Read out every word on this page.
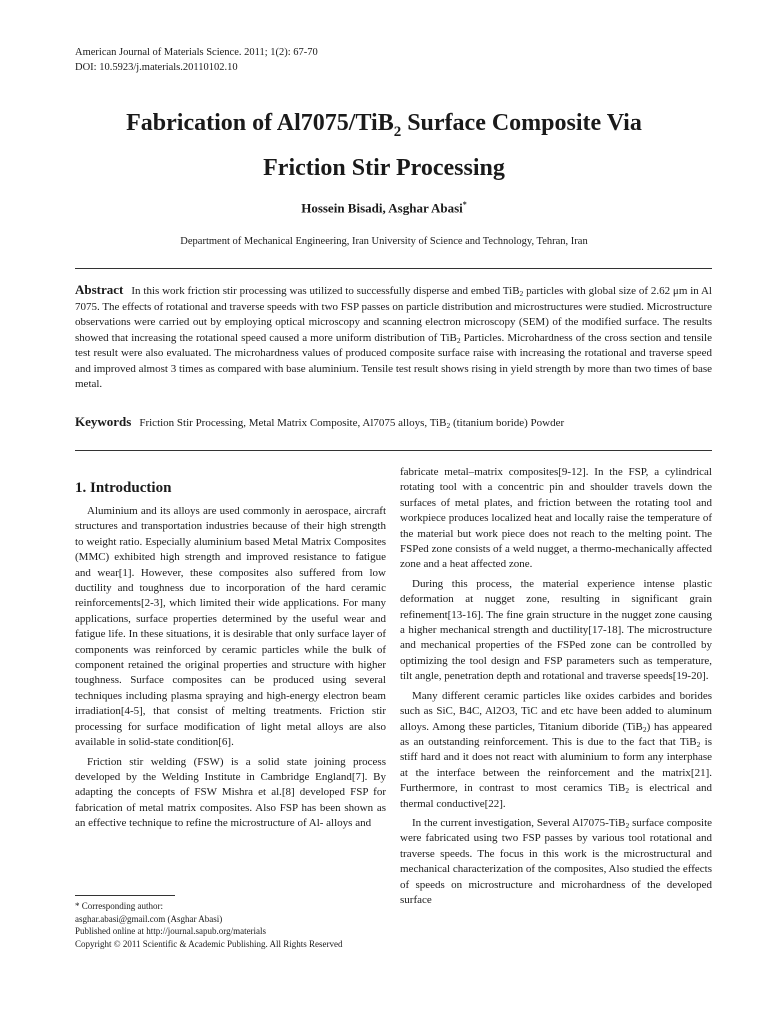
American Journal of Materials Science. 2011; 1(2): 67-70
DOI: 10.5923/j.materials.20110102.10
Fabrication of Al7075/TiB$_2$ Surface Composite Via
Friction Stir Processing
Hossein Bisadi, Asghar Abasi*
Department of Mechanical Engineering, Iran University of Science and Technology, Tehran, Iran
Abstract In this work friction stir processing was utilized to successfully disperse and embed TiB$_2$ particles with global size of 2.62 μm in Al 7075. The effects of rotational and traverse speeds with two FSP passes on particle distribution and microstructures were studied. Microstructure observations were carried out by employing optical microscopy and scanning electron microscopy (SEM) of the modified surface. The results showed that increasing the rotational speed caused a more uniform distribution of TiB$_2$ Particles. Microhardness of the cross section and tensile test result were also evaluated. The microhardness values of produced composite surface raise with increasing the rotational and traverse speed and improved almost 3 times as compared with base aluminium. Tensile test result shows rising in yield strength by more than two times of base metal.
Keywords Friction Stir Processing, Metal Matrix Composite, Al7075 alloys, TiB$_2$ (titanium boride) Powder
1. Introduction

Aluminium and its alloys are used commonly in aerospace, aircraft structures and transportation industries because of their high strength to weight ratio. Especially aluminium based Metal Matrix Composites (MMC) exhibited high strength and improved resistance to fatigue and wear[1]. However, these composites also suffered from low ductility and toughness due to incorporation of the hard ceramic reinforcements[2-3], which limited their wide applications. For many applications, surface properties determined by the useful wear and fatigue life. In these situations, it is desirable that only surface layer of components was reinforced by ceramic particles while the bulk of component retained the original properties and structure with higher toughness. Surface composites can be produced using several techniques including plasma spraying and high-energy electron beam irradiation[4-5], that consist of melting treatments. Friction stir processing for surface modification of light metal alloys are also available in solid-state condition[6].

Friction stir welding (FSW) is a solid state joining process developed by the Welding Institute in Cambridge England[7]. By adapting the concepts of FSW Mishra et al.[8] developed FSP for fabrication of metal matrix composites. Also FSP has been shown as an effective technique to refine the microstructure of Al- alloys and

fabricate metal–matrix composites[9-12]. In the FSP, a cylindrical rotating tool with a concentric pin and shoulder travels down the surfaces of metal plates, and friction between the rotating tool and workpiece produces localized heat and locally raise the temperature of the material but work piece does not reach to the melting point. The FSPed zone consists of a weld nugget, a thermo-mechanically affected zone and a heat affected zone.

During this process, the material experience intense plastic deformation at nugget zone, resulting in significant grain refinement[13-16]. The fine grain structure in the nugget zone causing a higher mechanical strength and ductility[17-18]. The microstructure and mechanical properties of the FSPed zone can be controlled by optimizing the tool design and FSP parameters such as temperature, tilt angle, penetration depth and rotational and traverse speeds[19-20].

Many different ceramic particles like oxides carbides and borides such as SiC, B4C, Al2O3, TiC and etc have been added to aluminum alloys. Among these particles, Titanium diboride (TiB$_2$) has appeared as an outstanding reinforcement. This is due to the fact that TiB$_2$ is stiff hard and it does not react with aluminium to form any interphase at the interface between the reinforcement and the matrix[21]. Furthermore, in contrast to most ceramics TiB$_2$ is electrical and thermal conductive[22].

In the current investigation, Several Al7075-TiB$_2$ surface composite were fabricated using two FSP passes by various tool rotational and traverse speeds. The focus in this work is the microstructural and mechanical characterization of the composites, Also studied the effects of speeds on microstructure and microhardness of the developed surface

* Corresponding author:
asghar.abasi@gmail.com (Asghar Abasi)
Published online at http://journal.sapub.org/materials
Copyright © 2011 Scientific & Academic Publishing. All Rights Reserved
